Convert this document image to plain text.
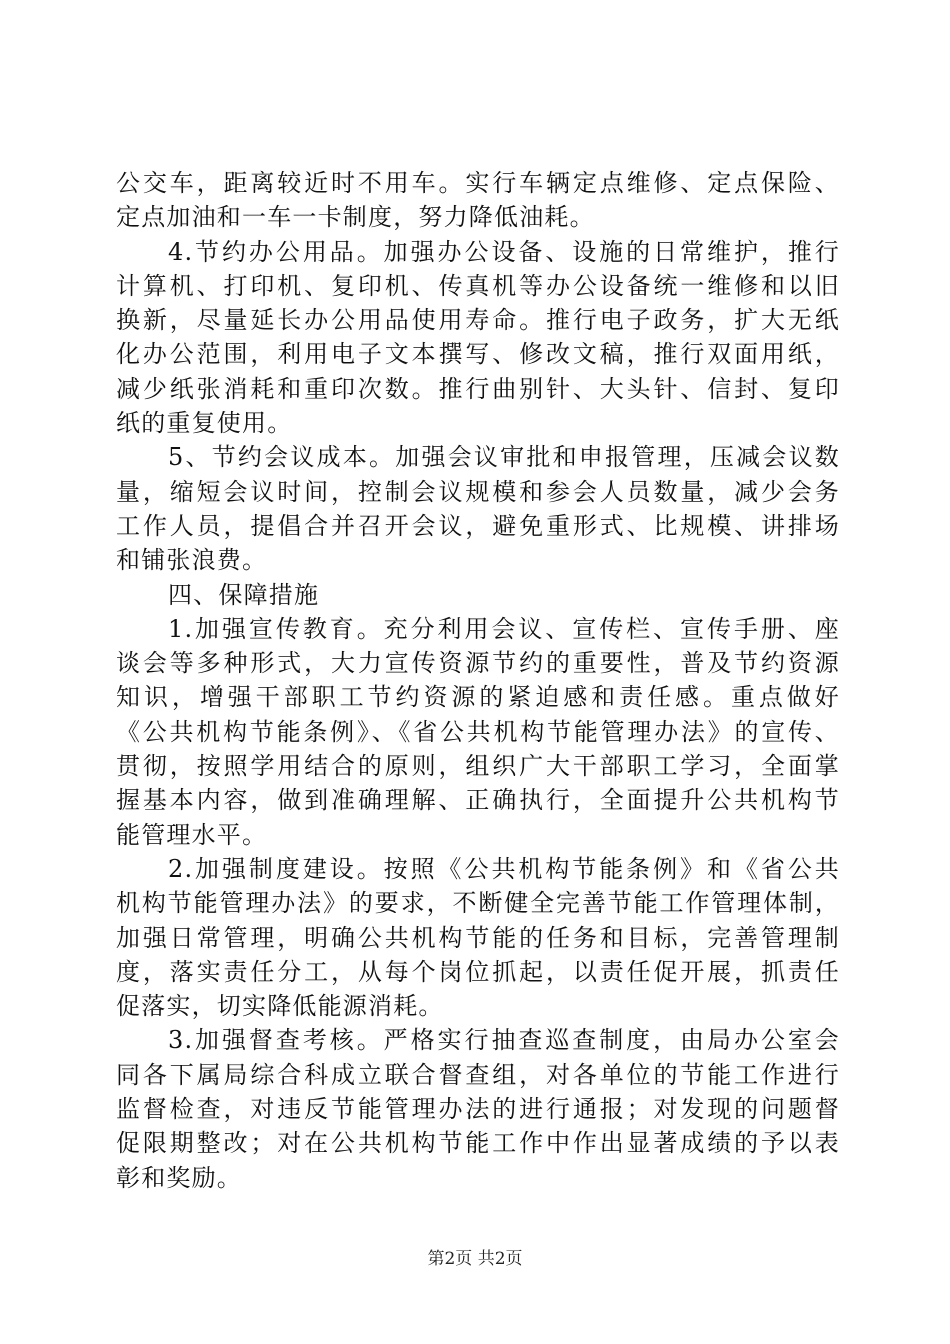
公交车，距离较近时不用车。实行车辆定点维修、定点保险、
定点加油和一车一卡制度，努力降低油耗。
4.节约办公用品。加强办公设备、设施的日常维护，推行
计算机、打印机、复印机、传真机等办公设备统一维修和以旧
换新，尽量延长办公用品使用寿命。推行电子政务，扩大无纸
化办公范围，利用电子文本撰写、修改文稿，推行双面用纸，
减少纸张消耗和重印次数。推行曲别针、大头针、信封、复印
纸的重复使用。
5、节约会议成本。加强会议审批和申报管理，压减会议数
量，缩短会议时间，控制会议规模和参会人员数量，减少会务
工作人员，提倡合并召开会议，避免重形式、比规模、讲排场
和铺张浪费。
四、保障措施
1.加强宣传教育。充分利用会议、宣传栏、宣传手册、座
谈会等多种形式，大力宣传资源节约的重要性，普及节约资源
知识，增强干部职工节约资源的紧迫感和责任感。重点做好
《公共机构节能条例》、《省公共机构节能管理办法》的宣传、
贯彻，按照学用结合的原则，组织广大干部职工学习，全面掌
握基本内容，做到准确理解、正确执行，全面提升公共机构节
能管理水平。
2.加强制度建设。按照《公共机构节能条例》和《省公共
机构节能管理办法》的要求，不断健全完善节能工作管理体制，
加强日常管理，明确公共机构节能的任务和目标，完善管理制
度，落实责任分工，从每个岗位抓起，以责任促开展，抓责任
促落实，切实降低能源消耗。
3.加强督查考核。严格实行抽查巡查制度，由局办公室会
同各下属局综合科成立联合督查组，对各单位的节能工作进行
监督检查，对违反节能管理办法的进行通报；对发现的问题督
促限期整改；对在公共机构节能工作中作出显著成绩的予以表
彰和奖励。
第2页 共2页
